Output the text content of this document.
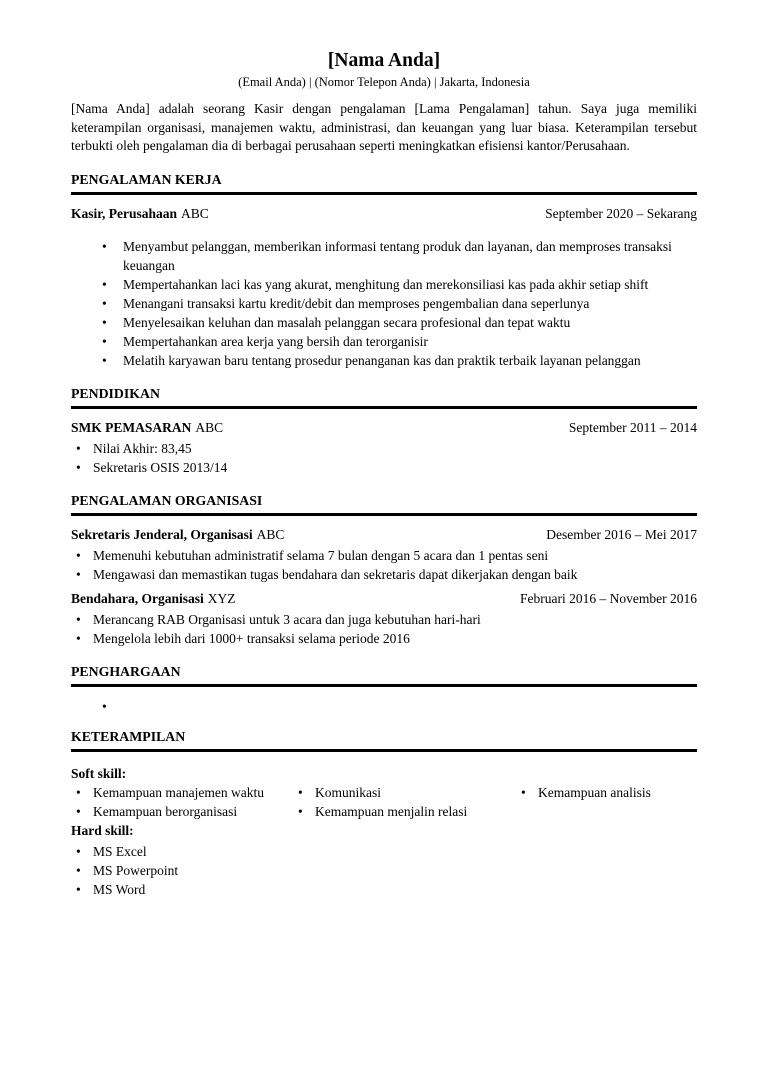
[Nama Anda]
(Email Anda) | (Nomor Telepon Anda) | Jakarta, Indonesia

[Nama Anda] adalah seorang Kasir dengan pengalaman [Lama Pengalaman] tahun. Saya juga memiliki keterampilan organisasi, manajemen waktu, administrasi, dan keuangan yang luar biasa. Keterampilan tersebut terbukti oleh pengalaman dia di berbagai perusahaan seperti meningkatkan efisiensi kantor/Perusahaan.

PENGALAMAN KERJA
Kasir, Perusahaan ABC	September 2020 – Sekarang
• Menyambut pelanggan, memberikan informasi tentang produk dan layanan, dan memproses transaksi keuangan
• Mempertahankan laci kas yang akurat, menghitung dan merekonsiliasi kas pada akhir setiap shift
• Menangani transaksi kartu kredit/debit dan memproses pengembalian dana seperlunya
• Menyelesaikan keluhan dan masalah pelanggan secara profesional dan tepat waktu
• Mempertahankan area kerja yang bersih dan terorganisir
• Melatih karyawan baru tentang prosedur penanganan kas dan praktik terbaik layanan pelanggan
PENDIDIKAN
SMK PEMASARAN ABC	September 2011 – 2014
• Nilai Akhir: 83,45
• Sekretaris OSIS 2013/14
PENGALAMAN ORGANISASI
Sekretaris Jenderal, Organisasi ABC	Desember 2016 – Mei 2017
• Memenuhi kebutuhan administratif selama 7 bulan dengan 5 acara dan 1 pentas seni
• Mengawasi dan memastikan tugas bendahara dan sekretaris dapat dikerjakan dengan baik
Bendahara, Organisasi XYZ	Februari 2016 – November 2016
• Merancang RAB Organisasi untuk 3 acara dan juga kebutuhan hari-hari
• Mengelola lebih dari 1000+ transaksi selama periode 2016
PENGHARGAAN
•
KETERAMPILAN
Soft skill:
• Kemampuan manajemen waktu
• Kemampuan berorganisasi
• Komunikasi
• Kemampuan menjalin relasi
• Kemampuan analisis
Hard skill:
• MS Excel
• MS Powerpoint
• MS Word
